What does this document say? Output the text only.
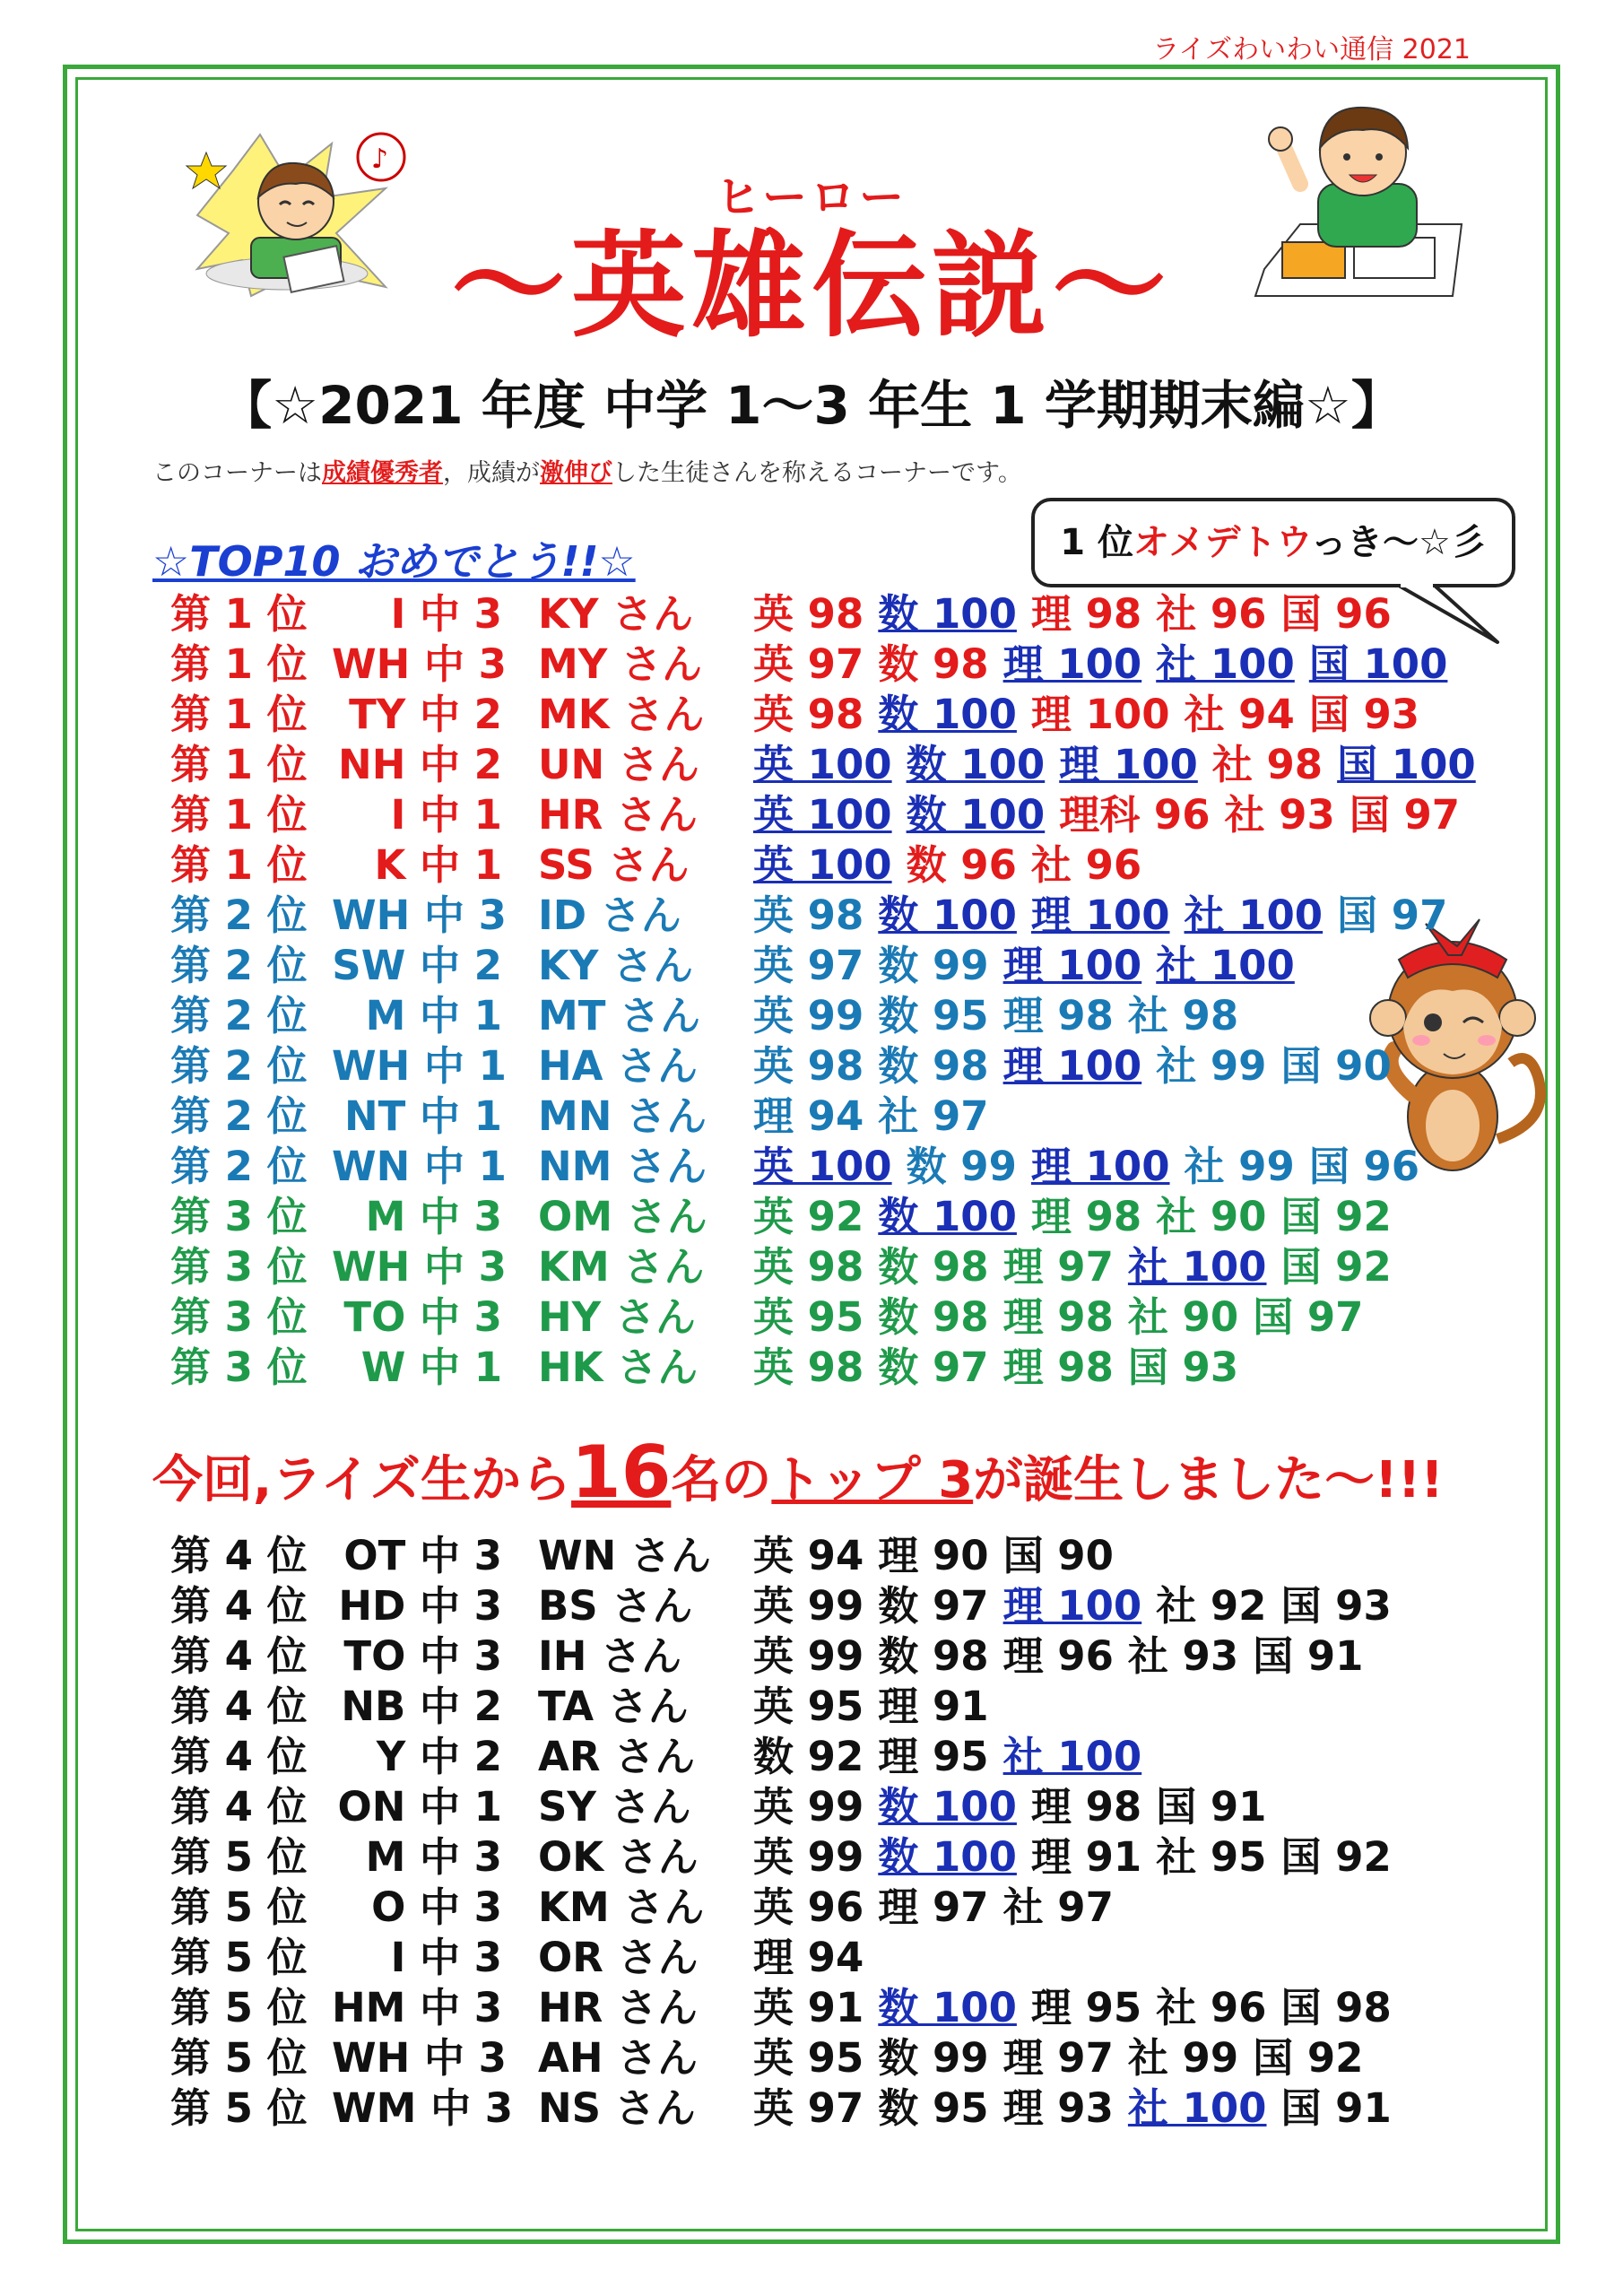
ライズわいわい通信 2021
♪
ヒーロー
～英雄伝説～
【☆2021 年度 中学 1～3 年生 1 学期期末編☆】
このコーナーは成績優秀者，成績が激伸びした生徒さんを称えるコーナーです。
☆TOP10 おめでとう!!☆	1 位オメデトウっき～☆彡
第 1 位	I 中 3 KY さん 英 98 数 100 理 98 社 96 国 96
第 1 位 WH 中 3 MY さん 英 97 数 98 理 100 社 100 国 100
第 1 位	TY 中 2 MK さん 英 98 数 100 理 100 社 94 国 93
第 1 位 NH 中 2 UN さん 英 100 数 100 理 100 社 98 国 100
第 1 位	I 中 1 HR さん 英 100 数 100 理科 96 社 93 国 97
第 1 位	K 中 1 SS さん 英 100 数 96 社 96
第 2 位 WH 中 3 ID さん 英 98 数 100 理 100 社 100 国 97
第 2 位 SW 中 2 KY さん 英 97 数 99 理 100 社 100
第 2 位	M 中 1 MT さん 英 99 数 95 理 98 社 98
第 2 位 WH 中 1 HA さん 英 98 数 98 理 100 社 99 国 90
第 2 位 NT 中 1 MN さん 理 94 社 97
第 2 位 WN 中 1 NM さん 英 100 数 99 理 100 社 99 国 96
第 3 位	M 中 3 OM さん 英 92 数 100 理 98 社 90 国 92
第 3 位 WH 中 3 KM さん 英 98 数 98 理 97 社 100 国 92
第 3 位 TO 中 3 HY さん 英 95 数 98 理 98 社 90 国 97
第 3 位	W 中 1 HK さん 英 98 数 97 理 98 国 93
今回,ライズ生から16名のトップ 3が誕生しました～!!!
第 4 位 OT 中 3 WN さん 英 94 理 90 国 90
第 4 位 HD 中 3 BS さん 英 99 数 97 理 100 社 92 国 93
第 4 位 TO 中 3 IH さん 英 99 数 98 理 96 社 93 国 91
第 4 位 NB 中 2 TA さん 英 95 理 91
第 4 位	Y 中 2 AR さん 数 92 理 95 社 100
第 4 位 ON 中 1 SY さん 英 99 数 100 理 98 国 91
第 5 位	M 中 3 OK さん 英 99 数 100 理 91 社 95 国 92
第 5 位	O 中 3 KM さん 英 96 理 97 社 97
第 5 位	I 中 3 OR さん 理 94
第 5 位 HM 中 3 HR さん 英 91 数 100 理 95 社 96 国 98
第 5 位 WH 中 3 AH さん 英 95 数 99 理 97 社 99 国 92
第 5 位 WM 中 3 NS さん 英 97 数 95 理 93 社 100 国 91
